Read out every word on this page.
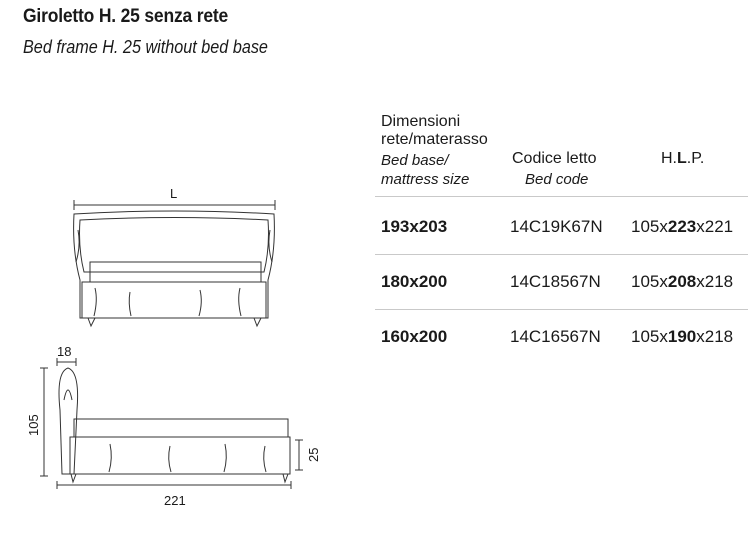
Giroletto H. 25 senza rete
Bed frame H. 25 without bed base
L
18
105
25
221
Dimensioni
rete/materasso
Bed base/
mattress size
Codice letto
Bed code
H.L.P.
193x203	14C19K67N 105x223x221
180x200	14C18567N 105x208x218
160x200	14C16567N 105x190x218
